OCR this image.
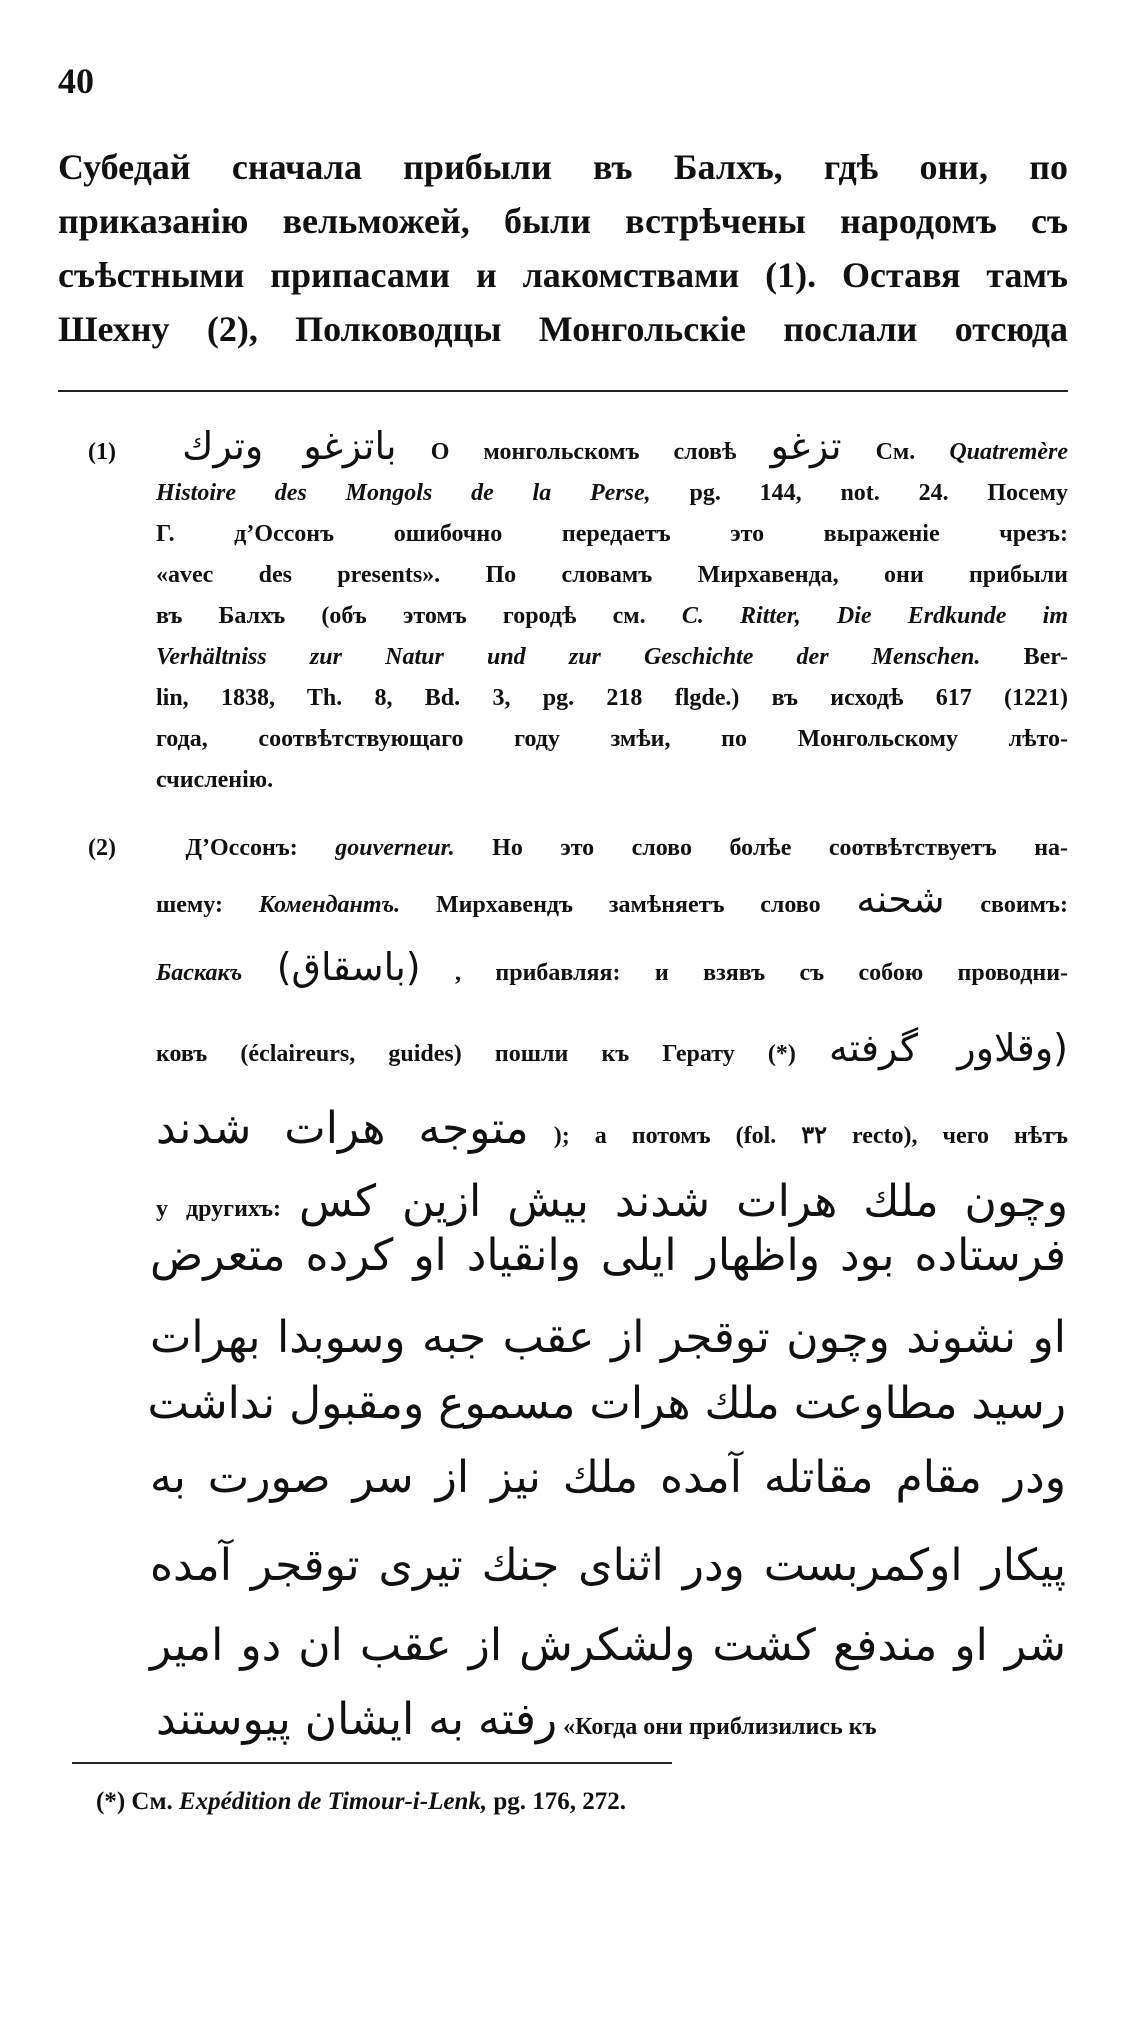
40
Субедай сначала прибыли въ Балхъ, гдѣ они, по
приказанію вельможей, были встрѣчены народомъ съ
съѣстными припасами и лакомствами (1). Оставя тамъ
Шехну (2), Полководцы Монгольскіе послали отсюда
(1) باتزغو وترك О монгольскомъ словѣ تزغو См. Quatremère
Histoire des Mongols de la Perse, pg. 144, not. 24. Посему
Г. д’Оссонъ ошибочно передаетъ это выраженіе чрезъ:
«avec des presents». По словамъ Мирхавенда, они прибыли
въ Балхъ (объ этомъ городѣ см. C. Ritter, Die Erdkunde im
Verhältniss zur Natur und zur Geschichte der Menschen. Ber-
lin, 1838, Th. 8, Bd. 3, pg. 218 flgde.) въ исходѣ 617 (1221)
года, соотвѣтствующаго году змѣи, по Монгольскому лѣто-
счисленію.
(2)	Д’Оссонъ: gouverneur. Но это слово болѣе соотвѣтствуетъ на-
шему: Комендантъ. Мирхавендъ замѣняетъ слово شحنه своимъ:
Баскакъ (باسقاق) , прибавляя: и взявъ съ собою проводни-
ковъ (éclaireurs, guides) пошли къ Герату (*) (وقلاور گرفته
متوجه هرات شدند ); а потомъ (fol. ۳۲ recto), чего нѣтъ
у другихъ: وچون ملك هرات شدند بیش ازین کس
فرستاده بود واظهار ایلی وانقیاد او کرده متعرض
او نشوند وچون توقجر از عقب جبه وسوبدا بهرات
رسید مطاوعت ملك هرات مسموع ومقبول نداشت
ودر مقام مقاتله آمده ملك نیز از سر صورت به
پیکار اوکمربست ودر اثنای جنك تیری توقجر آمده
شر او مندفع کشت ولشکرش از عقب ان دو امیر
رفته به ایشان پیوستند «Когда они приблизились къ
(*) См. Expédition de Timour-i-Lenk, pg. 176, 272.
